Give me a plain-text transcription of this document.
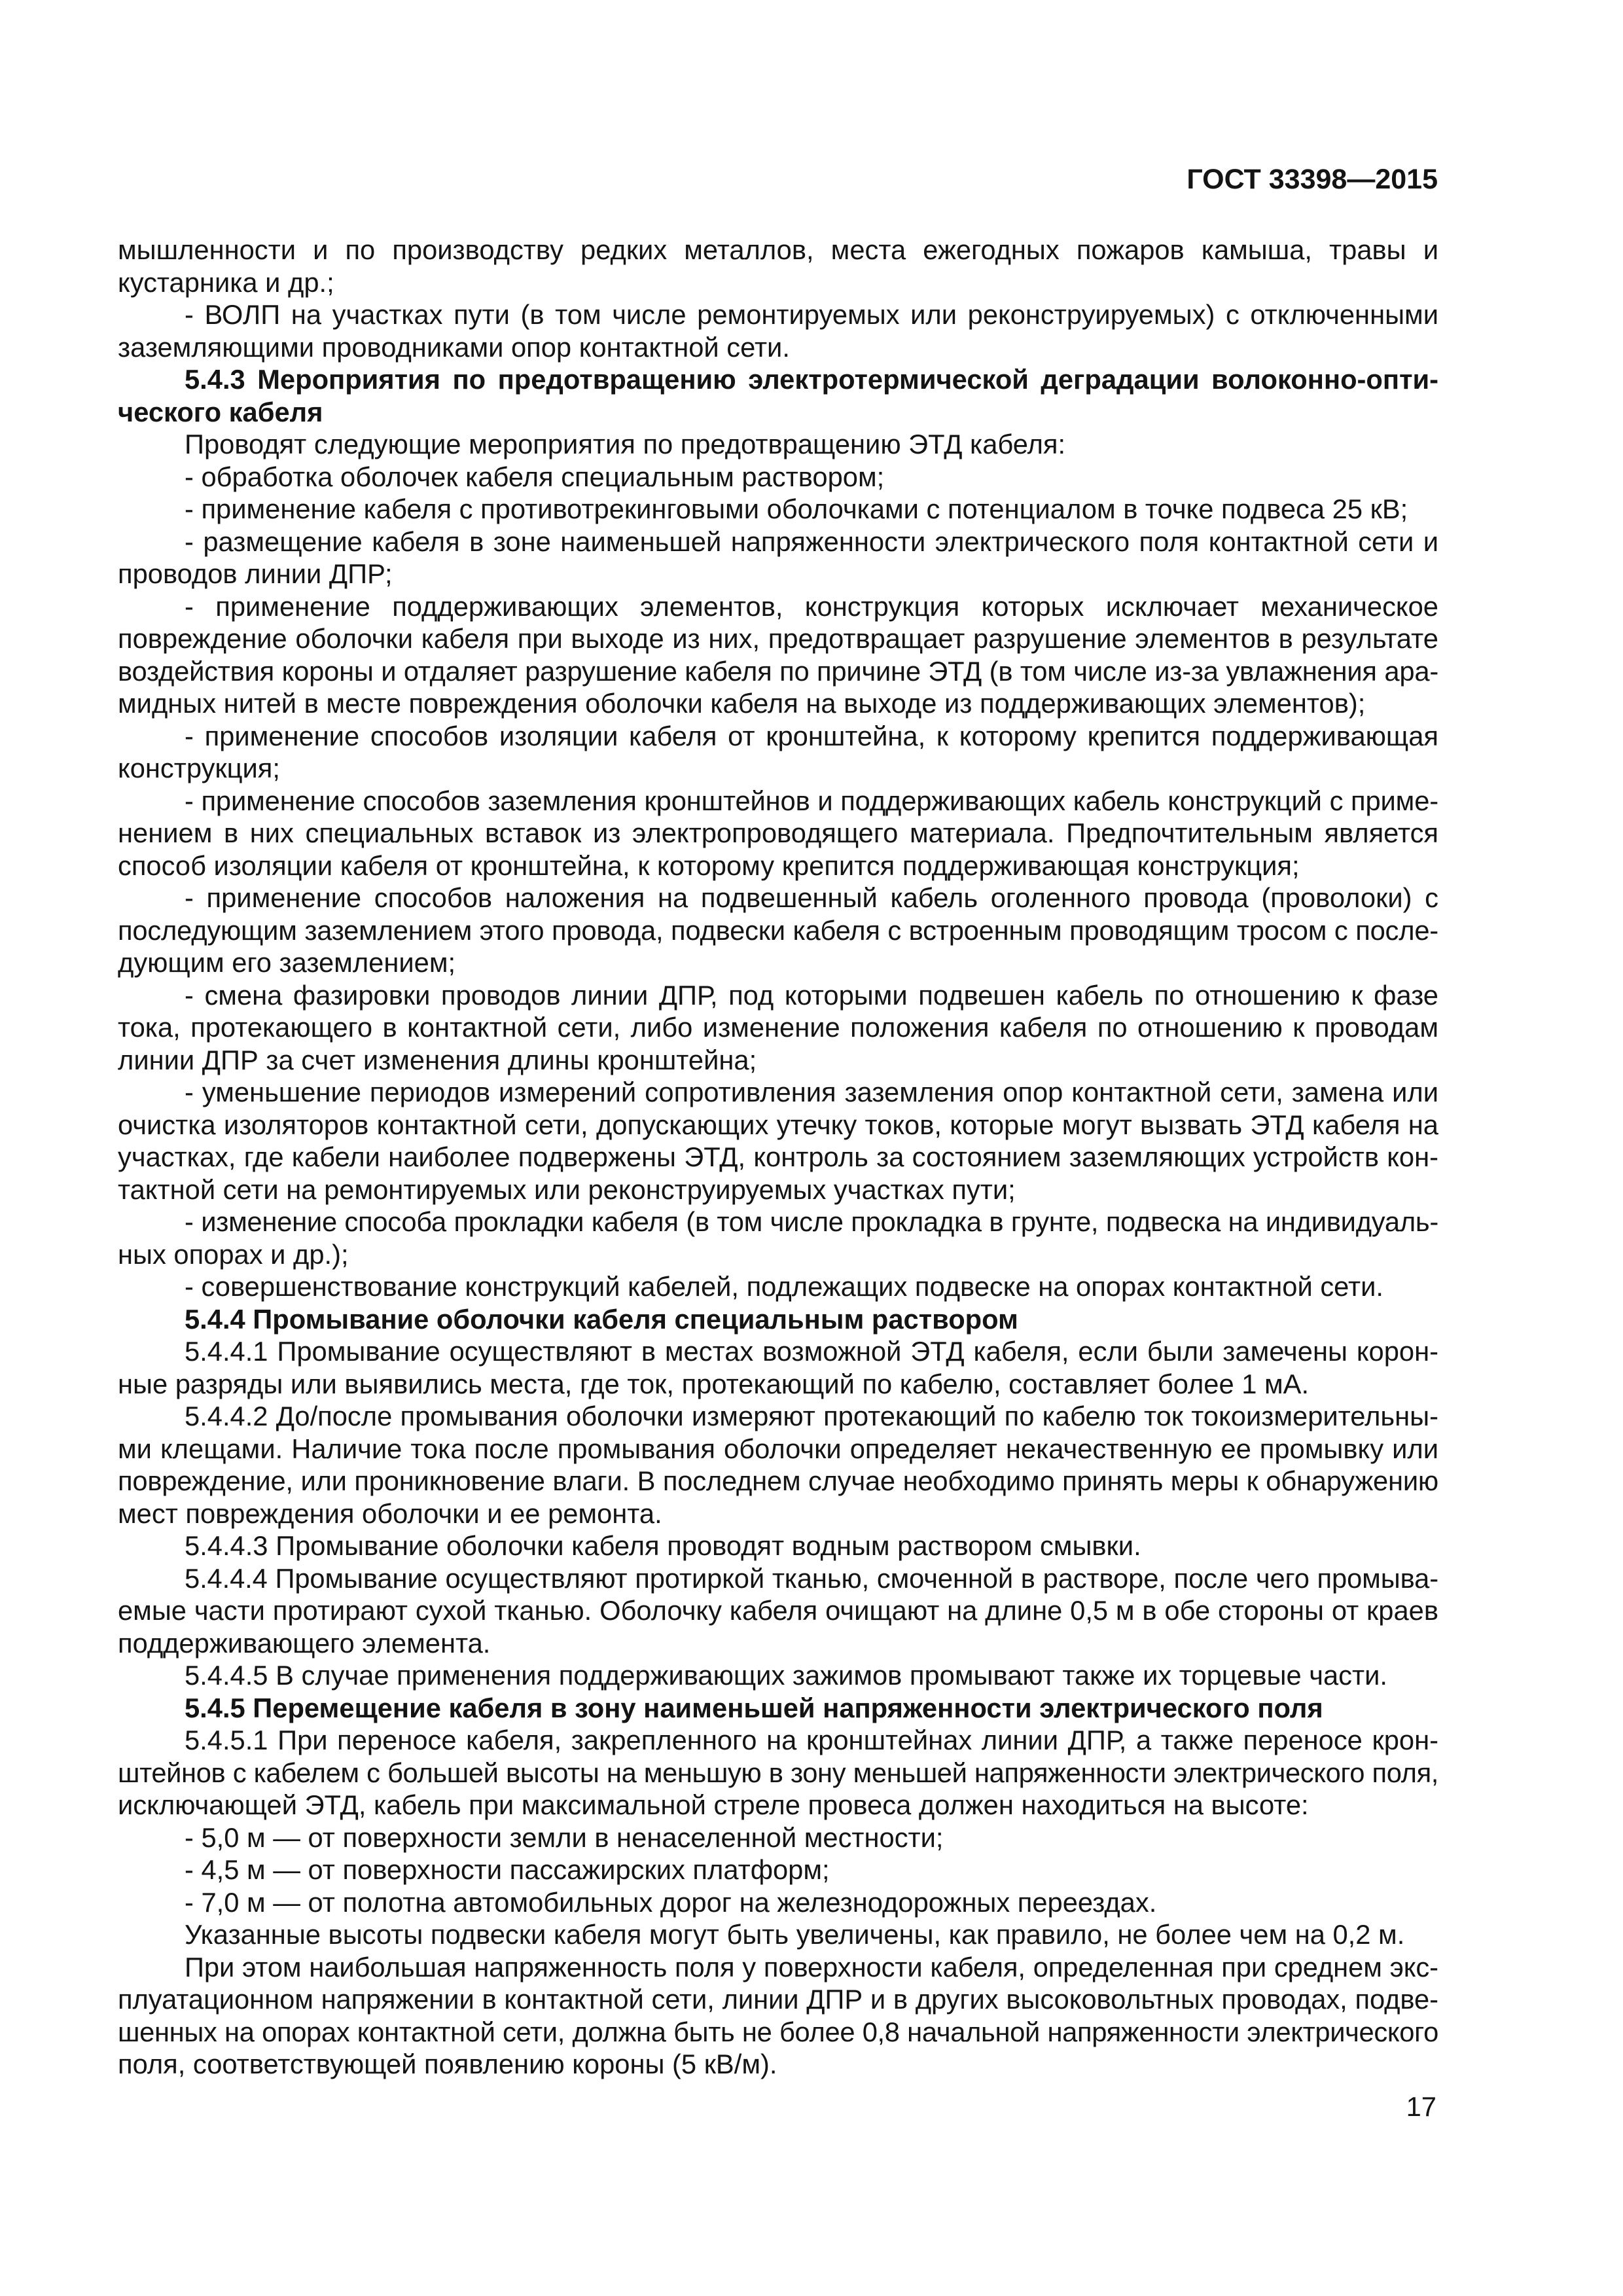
ГОСТ 33398—2015
мышленности и по производству редких металлов, места ежегодных пожаров камыша, травы и
кустарника и др.;
- ВОЛП на участках пути (в том числе ремонтируемых или реконструируемых) с отключенными
заземляющими проводниками опор контактной сети.
5.4.3 Мероприятия по предотвращению электротермической деградации волоконно-опти-
ческого кабеля
Проводят следующие мероприятия по предотвращению ЭТД кабеля:
- обработка оболочек кабеля специальным раствором;
- применение кабеля с противотрекинговыми оболочками с потенциалом в точке подвеса 25 кВ;
- размещение кабеля в зоне наименьшей напряженности электрического поля контактной сети и
проводов линии ДПР;
- применение поддерживающих элементов, конструкция которых исключает механическое
повреждение оболочки кабеля при выходе из них, предотвращает разрушение элементов в результате
воздействия короны и отдаляет разрушение кабеля по причине ЭТД (в том числе из-за увлажнения ара-
мидных нитей в месте повреждения оболочки кабеля на выходе из поддерживающих элементов);
- применение способов изоляции кабеля от кронштейна, к которому крепится поддерживающая
конструкция;
- применение способов заземления кронштейнов и поддерживающих кабель конструкций с приме-
нением в них специальных вставок из электропроводящего материала. Предпочтительным является
способ изоляции кабеля от кронштейна, к которому крепится поддерживающая конструкция;
- применение способов наложения на подвешенный кабель оголенного провода (проволоки) с
последующим заземлением этого провода, подвески кабеля с встроенным проводящим тросом с после-
дующим его заземлением;
- смена фазировки проводов линии ДПР, под которыми подвешен кабель по отношению к фазе
тока, протекающего в контактной сети, либо изменение положения кабеля по отношению к проводам
линии ДПР за счет изменения длины кронштейна;
- уменьшение периодов измерений сопротивления заземления опор контактной сети, замена или
очистка изоляторов контактной сети, допускающих утечку токов, которые могут вызвать ЭТД кабеля на
участках, где кабели наиболее подвержены ЭТД, контроль за состоянием заземляющих устройств кон-
тактной сети на ремонтируемых или реконструируемых участках пути;
- изменение способа прокладки кабеля (в том числе прокладка в грунте, подвеска на индивидуаль-
ных опорах и др.);
- совершенствование конструкций кабелей, подлежащих подвеске на опорах контактной сети.
5.4.4 Промывание оболочки кабеля специальным раствором
5.4.4.1 Промывание осуществляют в местах возможной ЭТД кабеля, если были замечены корон-
ные разряды или выявились места, где ток, протекающий по кабелю, составляет более 1 мА.
5.4.4.2 До/после промывания оболочки измеряют протекающий по кабелю ток токоизмерительны-
ми клещами. Наличие тока после промывания оболочки определяет некачественную ее промывку или
повреждение, или проникновение влаги. В последнем случае необходимо принять меры к обнаружению
мест повреждения оболочки и ее ремонта.
5.4.4.3 Промывание оболочки кабеля проводят водным раствором смывки.
5.4.4.4 Промывание осуществляют протиркой тканью, смоченной в растворе, после чего промыва-
емые части протирают сухой тканью. Оболочку кабеля очищают на длине 0,5 м в обе стороны от краев
поддерживающего элемента.
5.4.4.5 В случае применения поддерживающих зажимов промывают также их торцевые части.
5.4.5 Перемещение кабеля в зону наименьшей напряженности электрического поля
5.4.5.1 При переносе кабеля, закрепленного на кронштейнах линии ДПР, а также переносе крон-
штейнов с кабелем с большей высоты на меньшую в зону меньшей напряженности электрического поля,
исключающей ЭТД, кабель при максимальной стреле провеса должен находиться на высоте:
- 5,0 м — от поверхности земли в ненаселенной местности;
- 4,5 м — от поверхности пассажирских платформ;
- 7,0 м — от полотна автомобильных дорог на железнодорожных переездах.
Указанные высоты подвески кабеля могут быть увеличены, как правило, не более чем на 0,2 м.
При этом наибольшая напряженность поля у поверхности кабеля, определенная при среднем экс-
плуатационном напряжении в контактной сети, линии ДПР и в других высоковольтных проводах, подве-
шенных на опорах контактной сети, должна быть не более 0,8 начальной напряженности электрического
поля, соответствующей появлению короны (5 кВ/м).
17
